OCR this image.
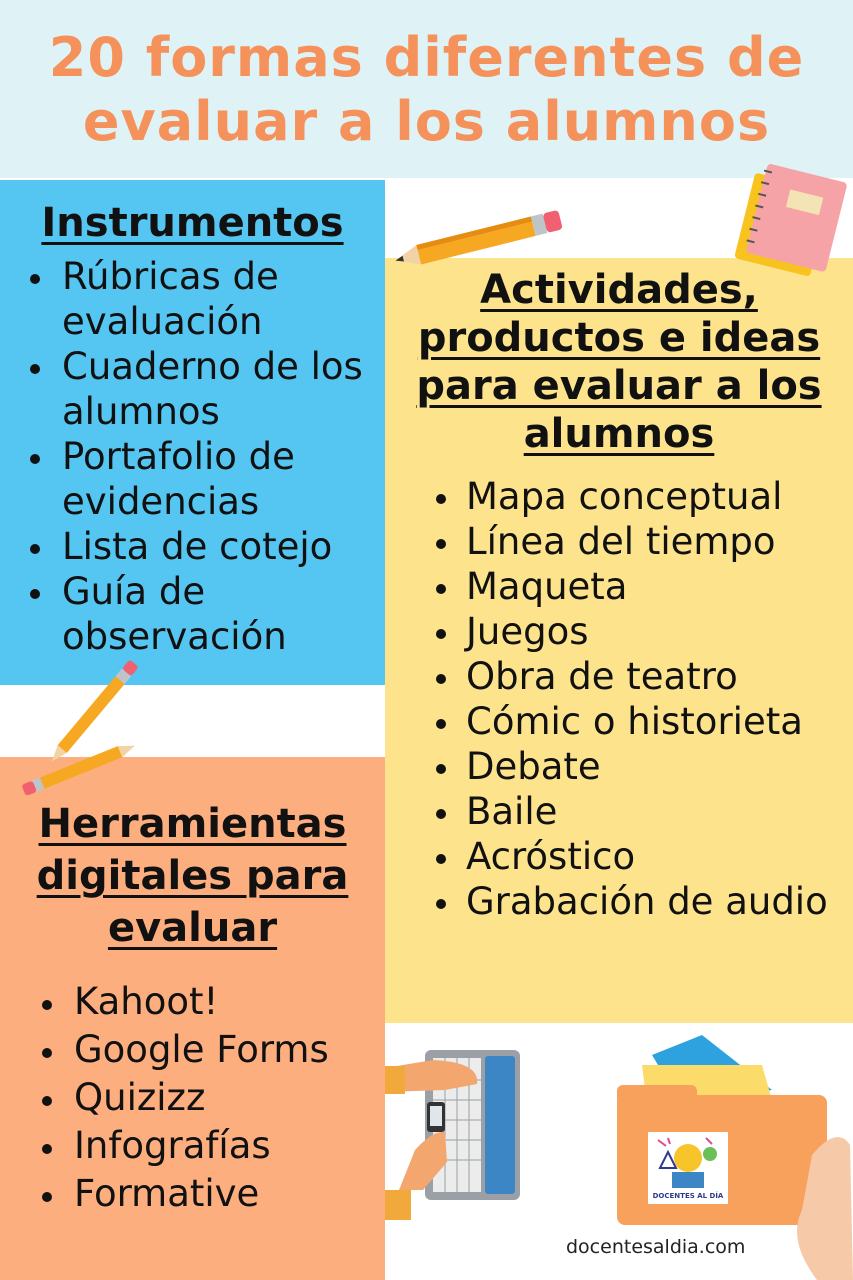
20 formas diferentes de
evaluar a los alumnos
Instrumentos
Rúbricas de evaluación
Cuaderno de los alumnos
Portafolio de evidencias
Lista de cotejo
Guía de observación
Actividades,
productos e ideas
para evaluar a los
alumnos
Mapa conceptual
Línea del tiempo
Maqueta
Juegos
Obra de teatro
Cómic o historieta
Debate
Baile
Acróstico
Grabación de audio
Herramientas
digitales para
evaluar
Kahoot!
Google Forms
Quizizz
Infografías
Formative	DOCENTES AL DÍA
docentesaldia.com
